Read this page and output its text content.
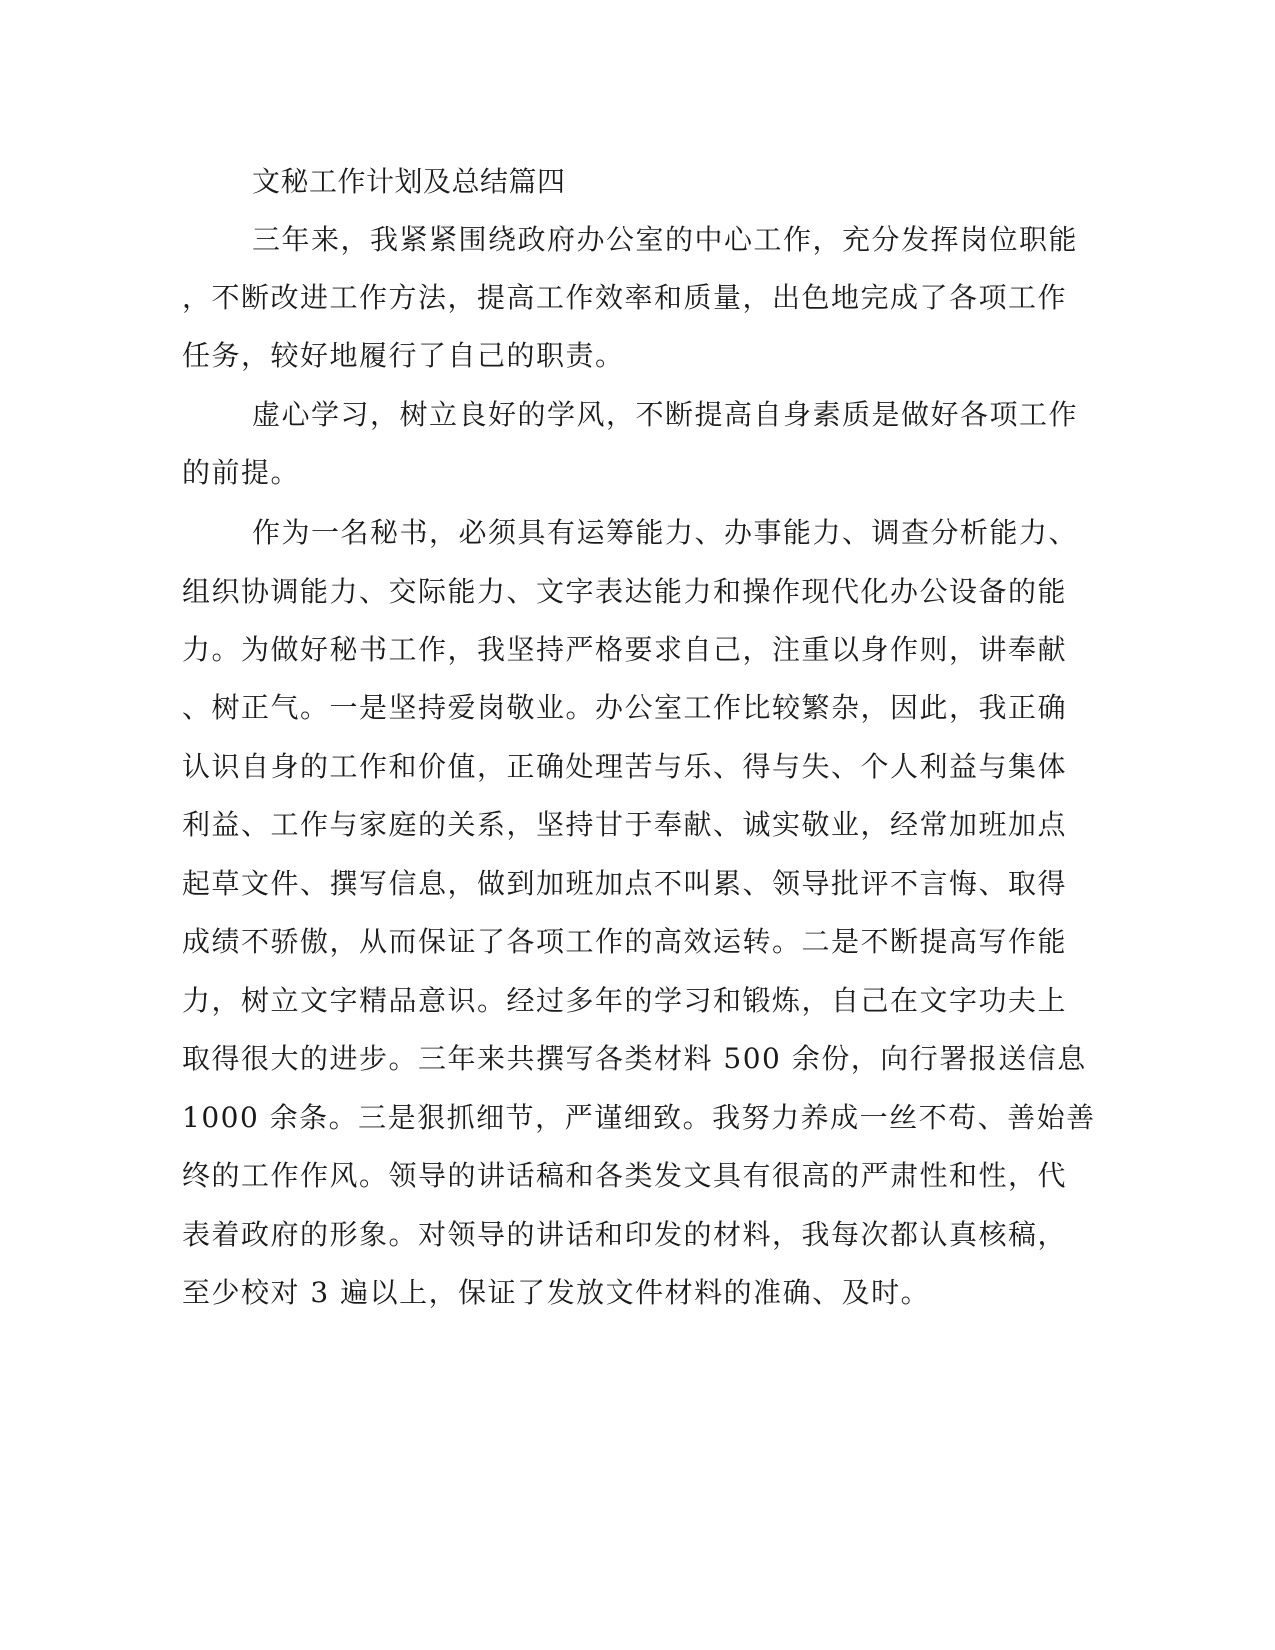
文秘工作计划及总结篇四
三年来，我紧紧围绕政府办公室的中心工作，充分发挥岗位职能
，不断改进工作方法，提高工作效率和质量，出色地完成了各项工作
任务，较好地履行了自己的职责。
虚心学习，树立良好的学风，不断提高自身素质是做好各项工作
的前提。
作为一名秘书，必须具有运筹能力、办事能力、调查分析能力、
组织协调能力、交际能力、文字表达能力和操作现代化办公设备的能
力。为做好秘书工作，我坚持严格要求自己，注重以身作则，讲奉献
、树正气。一是坚持爱岗敬业。办公室工作比较繁杂，因此，我正确
认识自身的工作和价值，正确处理苦与乐、得与失、个人利益与集体
利益、工作与家庭的关系，坚持甘于奉献、诚实敬业，经常加班加点
起草文件、撰写信息，做到加班加点不叫累、领导批评不言悔、取得
成绩不骄傲，从而保证了各项工作的高效运转。二是不断提高写作能
力，树立文字精品意识。经过多年的学习和锻炼，自己在文字功夫上
取得很大的进步。三年来共撰写各类材料 500 余份，向行署报送信息
1000 余条。三是狠抓细节，严谨细致。我努力养成一丝不苟、善始善
终的工作作风。领导的讲话稿和各类发文具有很高的严肃性和性，代
表着政府的形象。对领导的讲话和印发的材料，我每次都认真核稿，
至少校对 3 遍以上，保证了发放文件材料的准确、及时。
